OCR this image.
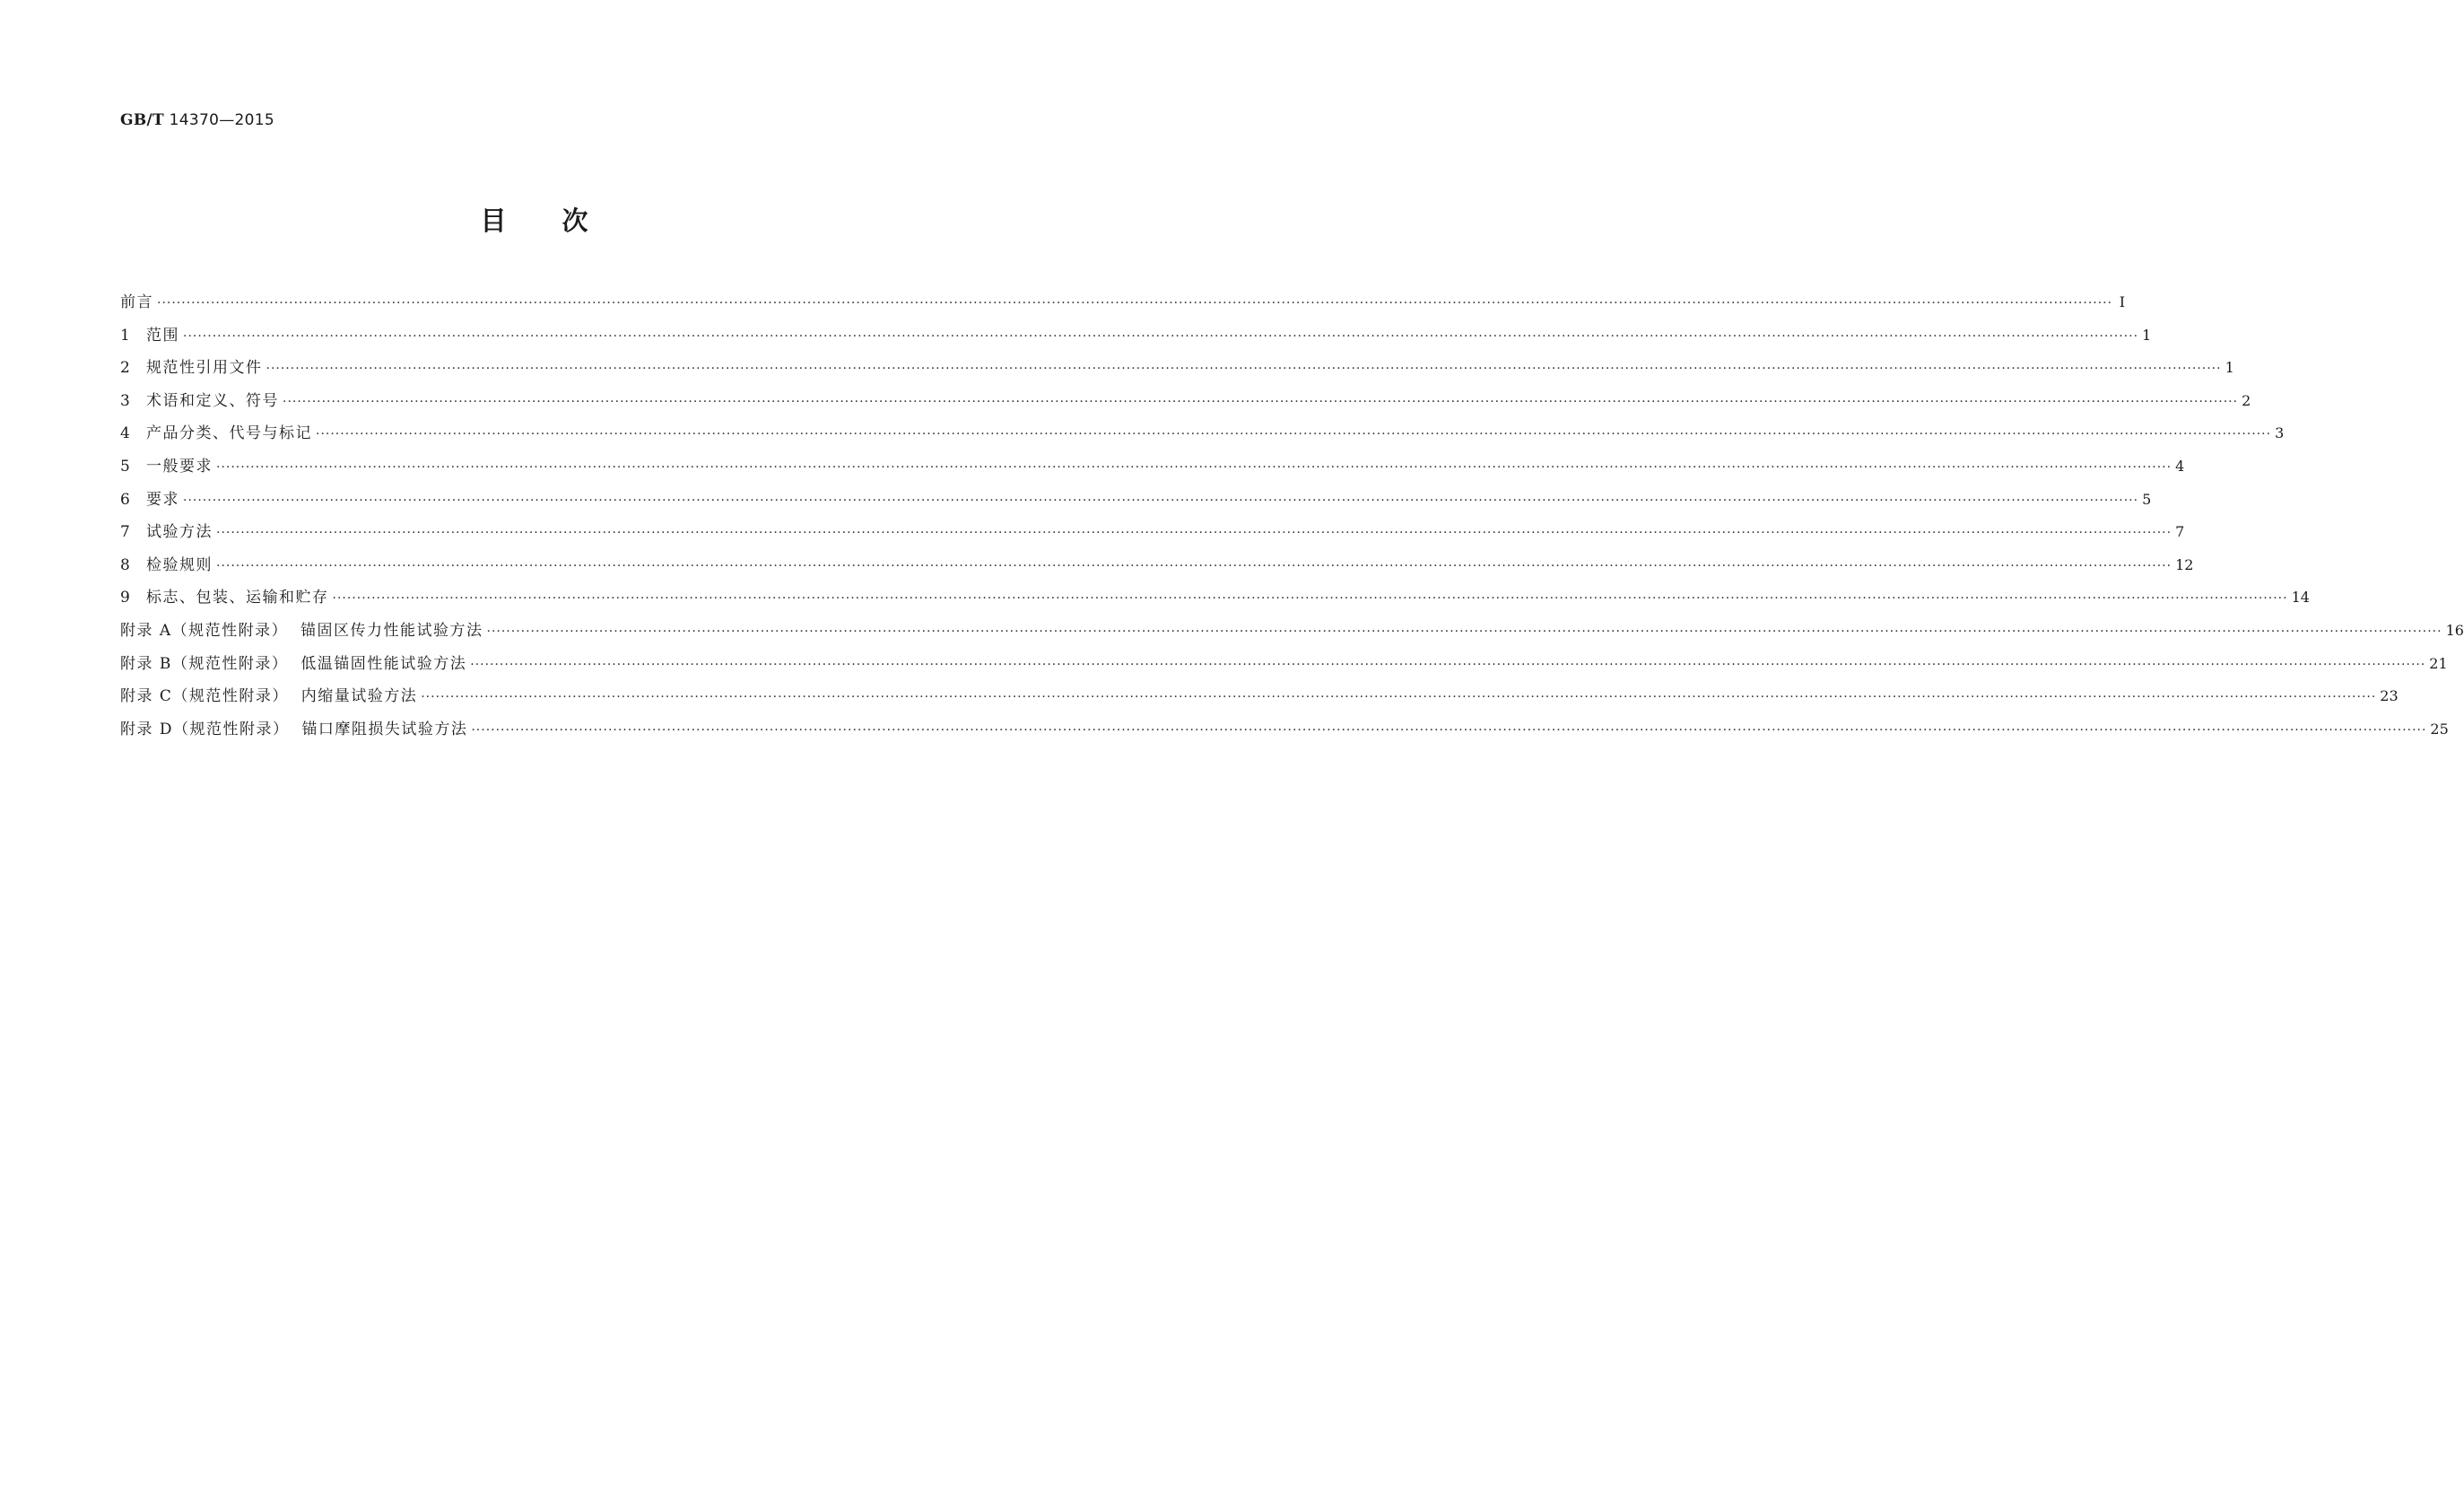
GB/T 14370—2015
目次
前言 ················································································································································································································································································································································································································ Ⅰ
1	范围 ················································································································································································································································································································································································································ 1
2	规范性引用文件 ················································································································································································································································································································································································································ 1
3	术语和定义、符号 ················································································································································································································································································································································································································ 2
4	产品分类、代号与标记 ················································································································································································································································································································································································································ 3
5	一般要求 ················································································································································································································································································································································································································ 4
6	要求 ················································································································································································································································································································································································································ 5
7	试验方法 ················································································································································································································································································································································································································ 7
8	检验规则 ················································································································································································································································································································································································································ 12
9	标志、包装、运输和贮存 ················································································································································································································································································································································································································ 14
附录 A（规范性附录）  锚固区传力性能试验方法 ················································································································································································································································································································································································································ 16
附录 B（规范性附录）  低温锚固性能试验方法 ················································································································································································································································································································································································································ 21
附录 C（规范性附录）  内缩量试验方法 ················································································································································································································································································································································································································ 23
附录 D（规范性附录）  锚口摩阻损失试验方法 ················································································································································································································································································································································································································ 25
